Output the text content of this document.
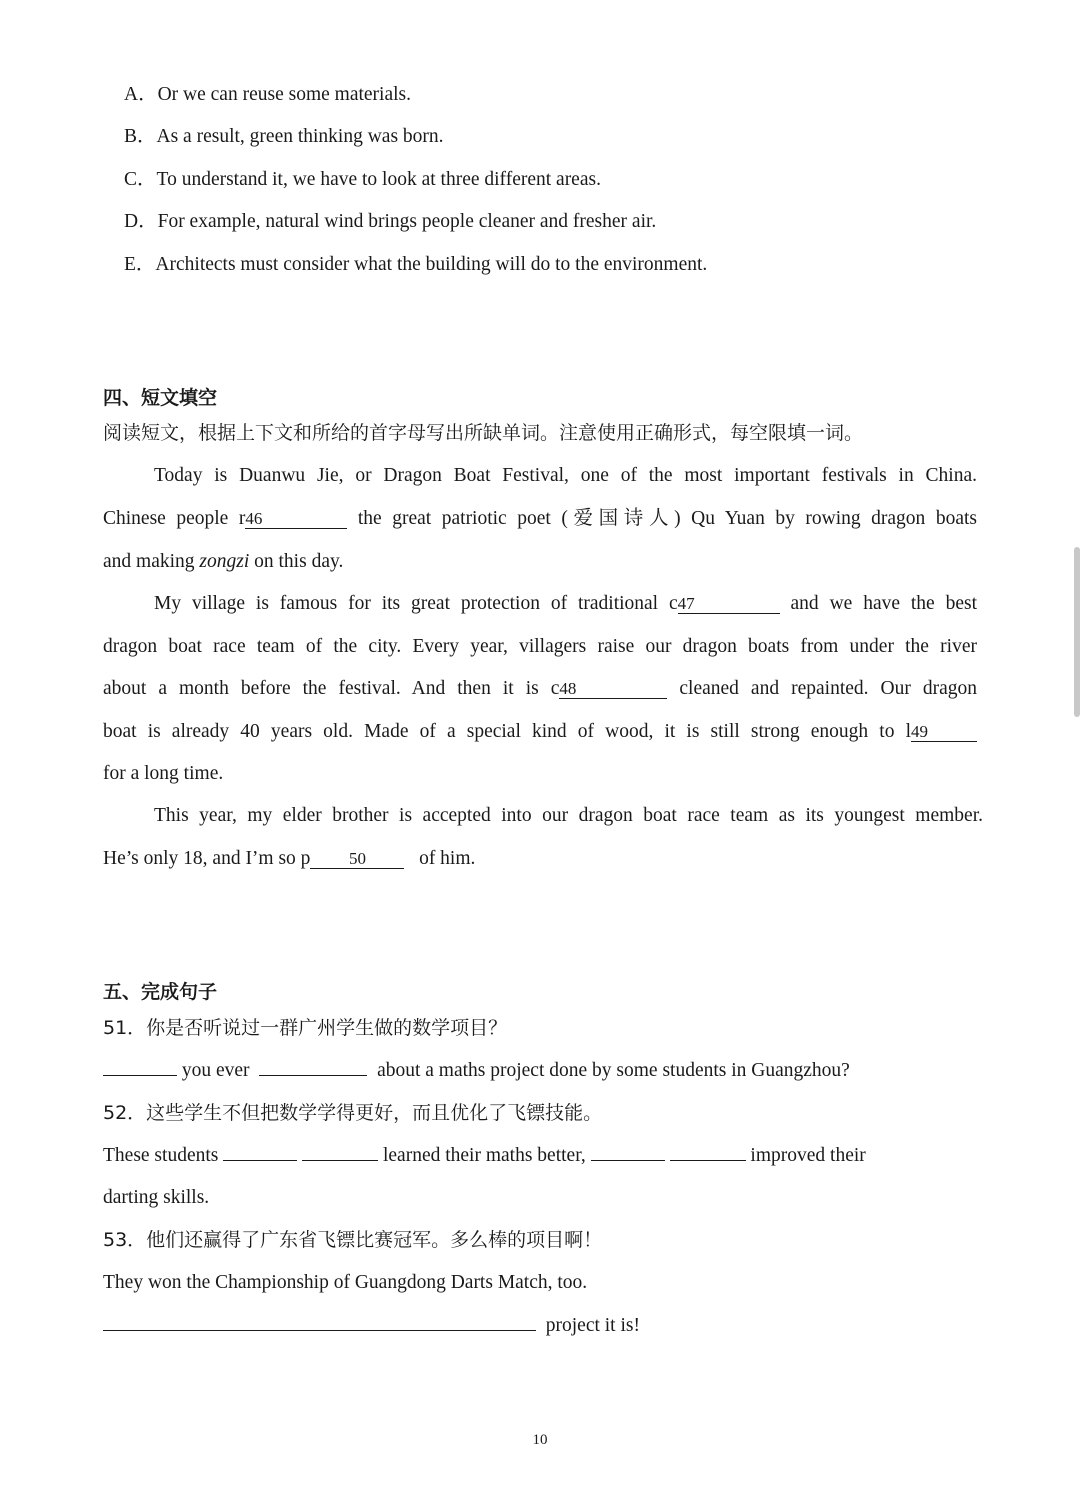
A．Or we can reuse some materials.
B．As a result, green thinking was born.
C．To understand it, we have to look at three different areas.
D．For example, natural wind brings people cleaner and fresher air.
E．Architects must consider what the building will do to the environment.
四、短文填空
阅读短文，根据上下文和所给的首字母写出所缺单词。注意使用正确形式，每空限填一词。
Today is Duanwu Jie, or Dragon Boat Festival, one of the most important festivals in China.
Chinese people r46	the great patriotic poet (爱国诗人) Qu Yuan by rowing dragon boats
and making zongzi on this day.
My village is famous for its great protection of traditional c47	and we have the best
dragon boat race team of the city. Every year, villagers raise our dragon boats from under the river
about a month before the festival. And then it is c48	cleaned and repainted. Our dragon
boat is already 40 years old. Made of a special kind of wood, it is still strong enough to l49
for a long time.
This year, my elder brother is accepted into our dragon boat race team as its youngest member.
He’s only 18, and I’m so p 50	of him.
五、完成句子
51．你是否听说过一群广州学生做的数学项目？
you ever	about a maths project done by some students in Guangzhou?
52．这些学生不但把数学学得更好，而且优化了飞镖技能。
These students	learned their maths better,	improved their
darting skills.
53．他们还赢得了广东省飞镖比赛冠军。多么棒的项目啊！
They won the Championship of Guangdong Darts Match, too.
project it is!
10
